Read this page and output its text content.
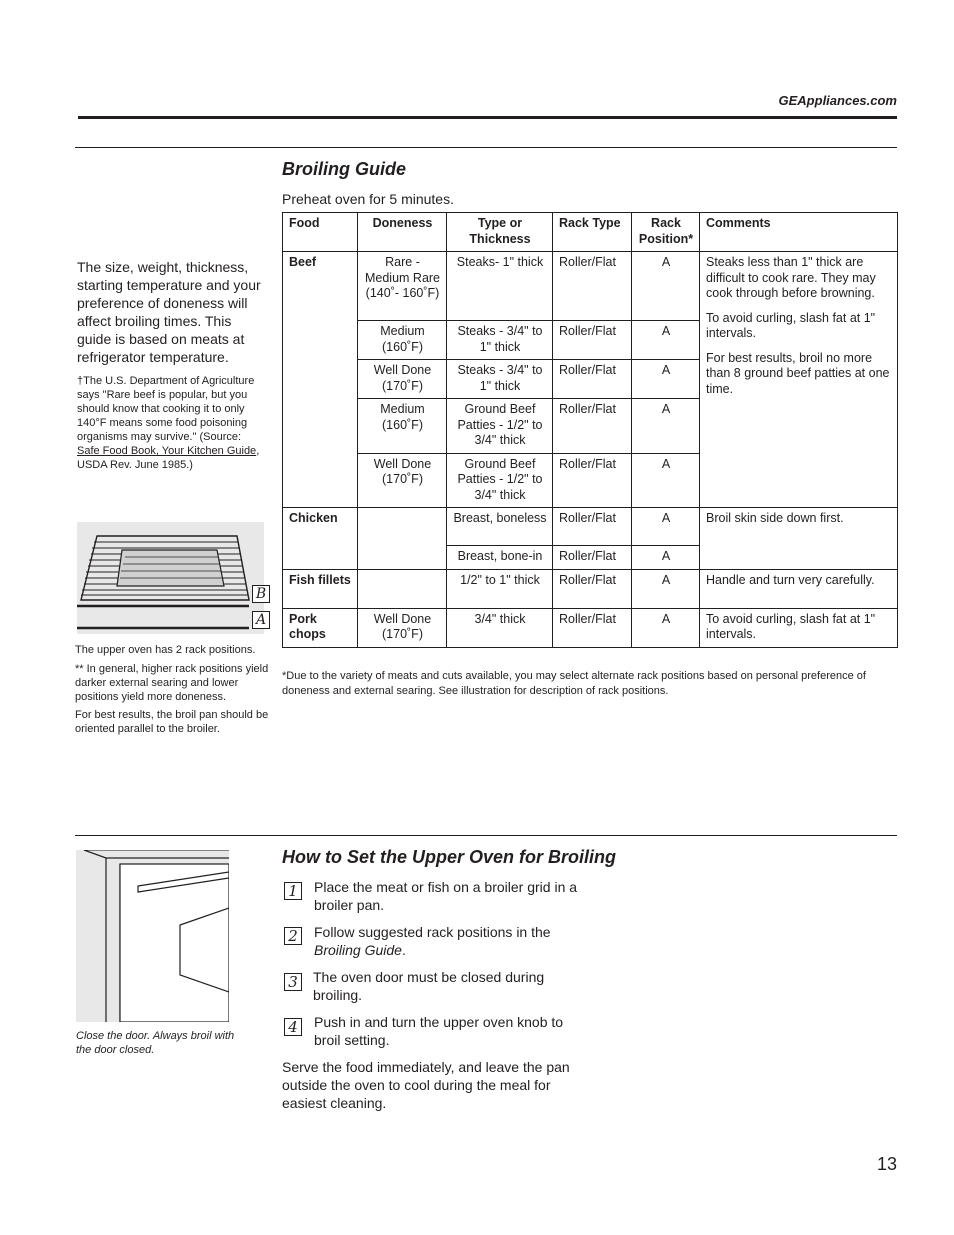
GEAppliances.com
Broiling Guide
Preheat oven for 5 minutes.
The size, weight, thickness, starting temperature and your preference of doneness will affect broiling times. This guide is based on meats at refrigerator temperature.
†The U.S. Department of Agriculture says "Rare beef is popular, but you should know that cooking it to only 140°F means some food poisoning organisms may survive." (Source: Safe Food Book, Your Kitchen Guide, USDA Rev. June 1985.)
B
A
The upper oven has 2 rack positions.
** In general, higher rack positions yield darker external searing and lower positions yield more doneness.
For best results, the broil pan should be oriented parallel to the broiler.
Food	Doneness	Type or Thickness	Rack Type	Rack Position*	Comments
Beef	Rare - Medium Rare (140˚- 160˚F)	Steaks- 1" thick	Roller/Flat	A	Steaks less than 1" thick are difficult to cook rare. They may cook through before browning.

To avoid curling, slash fat at 1" intervals.

For best results, broil no more than 8 ground beef patties at one time.

	Medium (160˚F)	Steaks - 3/4" to 1" thick	Roller/Flat	A	
	Well Done (170˚F)	Steaks - 3/4" to 1" thick	Roller/Flat	A	
	Medium (160˚F)	Ground Beef Patties - 1/2" to 3/4" thick	Roller/Flat	A	
	Well Done (170˚F)	Ground Beef Patties - 1/2" to 3/4" thick	Roller/Flat	A	
Chicken		Breast, boneless	Roller/Flat	A	Broil skin side down first.
		Breast, bone-in	Roller/Flat	A	
Fish fillets		1/2" to 1" thick	Roller/Flat	A	Handle and turn very carefully.
Pork chops	Well Done (170˚F)	3/4" thick	Roller/Flat	A	To avoid curling, slash fat at 1" intervals.
*Due to the variety of meats and cuts available, you may select alternate rack positions based on personal preference of doneness and external searing. See illustration for description of rack positions.
Close the door. Always broil with the door closed.
How to Set the Upper Oven for Broiling
1	Place the meat or fish on a broiler grid in a broiler pan.
2	Follow suggested rack positions in the Broiling Guide.
3	The oven door must be closed during broiling.
4	Push in and turn the upper oven knob to broil setting.
Serve the food immediately, and leave the pan outside the oven to cool during the meal for easiest cleaning.
13
